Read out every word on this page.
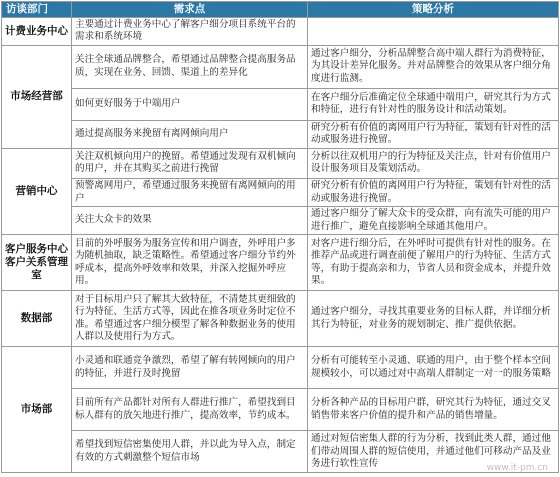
访谈部门	需求点	策略分析
计费业务中心	主要通过计费业务中心了解客户细分项目系统平台的需求和系统环境	
市场经营部	关注全球通品牌整合，希望通过品牌整合提高服务品质，实现在业务、回馈、渠道上的差异化	通过客户细分，分析品牌整合高中端人群行为消费特征，为其设计差异化服务。并对品牌整合的效果从客户细分角度进行监测。
	如何更好服务于中端用户	在客户细分后准确定位全球通中端用户，研究其行为方式和特征，进行有针对性的服务设计和活动策划。
	通过提高服务来挽留有离网倾向用户	研究分析有价值的离网用户行为特征，策划有针对性的活动或服务进行挽留。
营销中心	关注双机倾向用户的挽留。希望通过发现有双机倾向的用户，并在其购买之前进行挽留	分析以往双机用户的行为特征及关注点，针对有价值用户设计服务项目及策划活动。
	预警离网用户，希望通过服务来挽留有离网倾向的用户	研究分析有价值的离网用户行为特征，策划有针对性的活动或服务进行挽留。
	关注大众卡的效果	通过客户细分了解大众卡的受众群，向有流失可能的用户进行推广，避免直接影响全球通其他用户。
客户服务中心客户关系管理室	目前的外呼服务为服务宣传和用户调查，外呼用户多为随机抽取，缺乏策略性。希望通过客户细分节约外呼成本，提高外呼效率和效果，并深入挖掘外呼应用。	对客户进行细分后，在外呼时可提供有针对性的服务。在推荐产品或进行调查前便了解用户的行为特征、生活方式等，有助于提高亲和力，节省人员和资金成本，并提升效果。
数据部	对于目标用户只了解其大致特征，不清楚其更细致的行为特征、生活方式等，因此在推各项业务时定位不准。希望通过客户细分模型了解各种数据业务的使用人群以及使用行为方式。	通过客户细分，寻找其重要业务的目标人群，并详细分析其行为特征，对业务的规划制定、推广提供依据。
市场部	小灵通和联通竞争激烈，希望了解有转网倾向的用户的特征，并进行及时挽留	分析有可能转至小灵通、联通的用户，由于整个样本空间规模较小，可以通过对中高端人群制定一对一的服务策略
	目前所有产品都针对所有人群进行推广，希望找到目标人群有的放矢地进行推广，提高效率，节约成本。	分析各种产品的目标用户群，研究其行为特征，通过交叉销售带来客户价值的提升和产品的销售增量。
	希望找到短信密集使用人群，并以此为导入点，制定有效的方式刺激整个短信市场	通过对短信密集人群的行为分析，找到此类人群，通过他们带动周围人群的短信使用，并通过他们可移动产品及业务进行软性宣传	www.it-pm.cn
